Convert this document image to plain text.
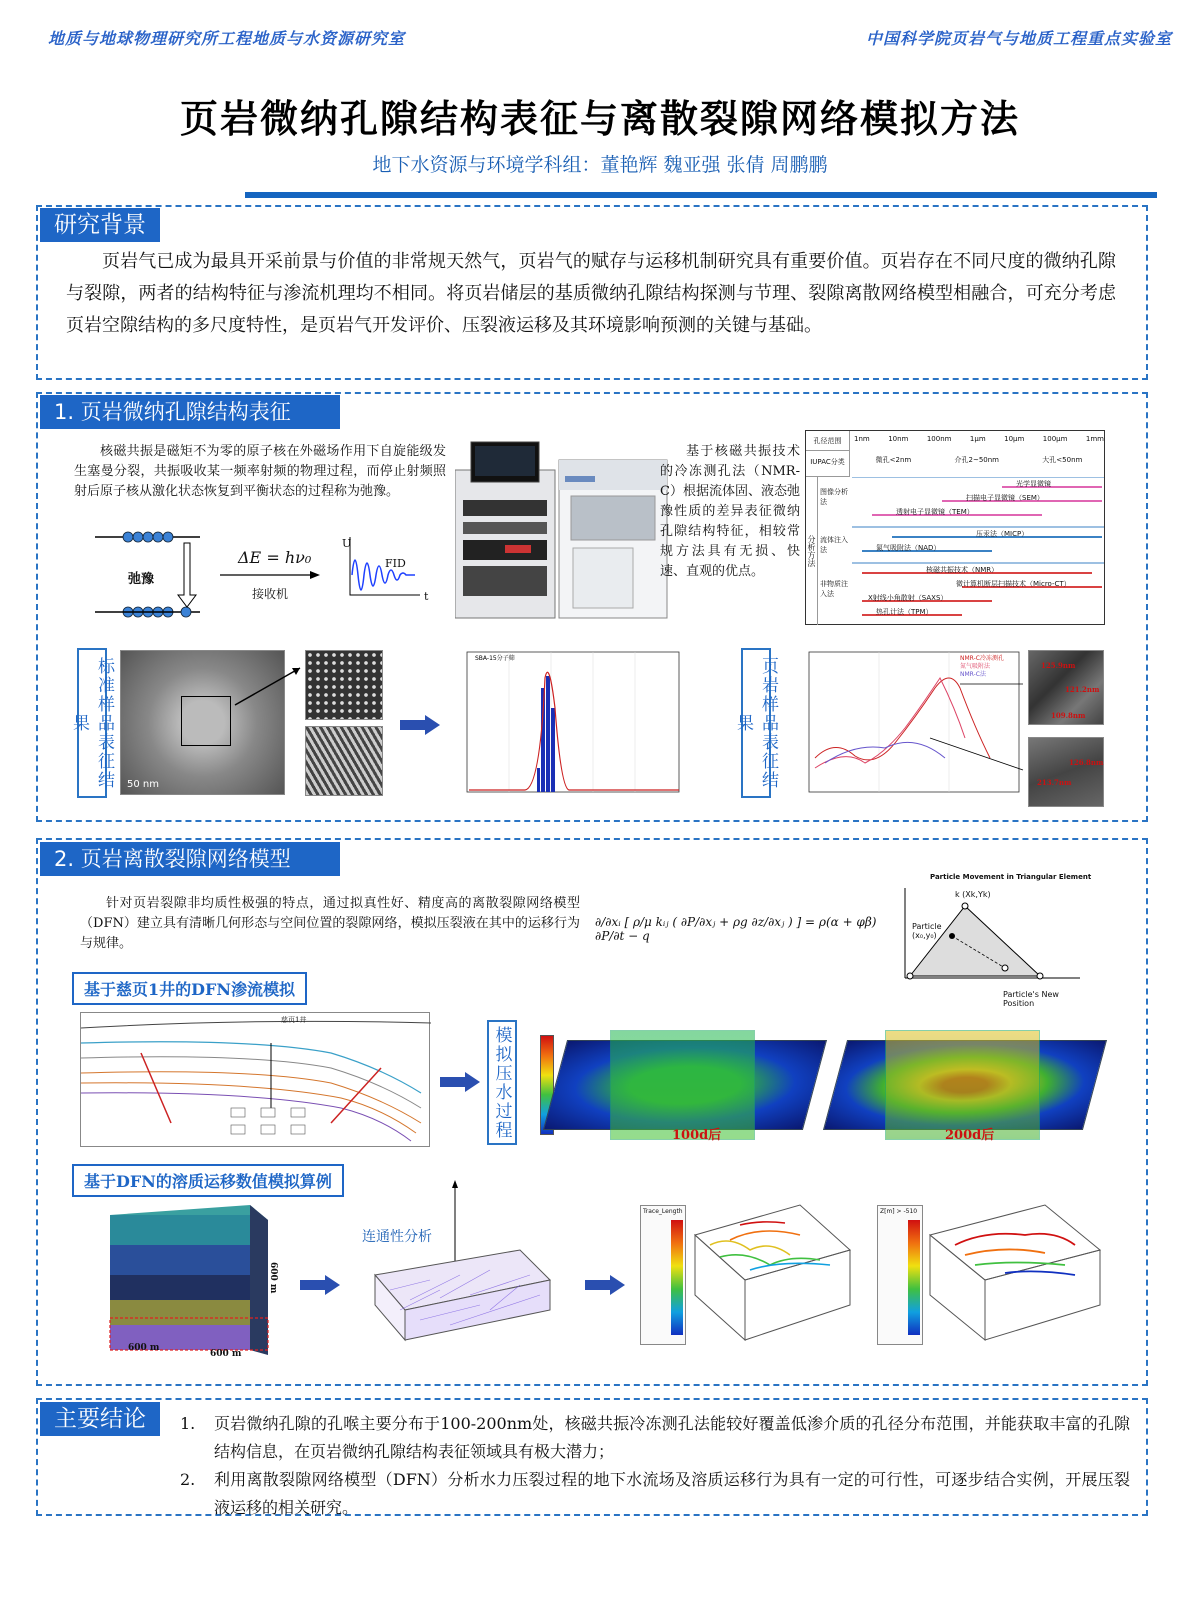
地质与地球物理研究所工程地质与水资源研究室	中国科学院页岩气与地质工程重点实验室
页岩微纳孔隙结构表征与离散裂隙网络模拟方法
地下水资源与环境学科组：董艳辉 魏亚强 张倩 周鹏鹏
研究背景
页岩气已成为最具开采前景与价值的非常规天然气，页岩气的赋存与运移机制研究具有重要价值。页岩存在不同尺度的微纳孔隙与裂隙，两者的结构特征与渗流机理均不相同。将页岩储层的基质微纳孔隙结构探测与节理、裂隙离散网络模型相融合，可充分考虑页岩空隙结构的多尺度特性，是页岩气开发评价、压裂液运移及其环境影响预测的关键与基础。
1. 页岩微纳孔隙结构表征
核磁共振是磁矩不为零的原子核在外磁场作用下自旋能级发生塞曼分裂，共振吸收某一频率射频的物理过程，而停止射频照射后原子核从激化状态恢复到平衡状态的过程称为弛豫。
弛豫
ΔE = hν₀
接收机
FID
U
t
基于核磁共振技术的冷冻测孔法（NMR-C）根据流体固、液态弛豫性质的差异表征微纳孔隙结构特征，相较常规方法具有无损、快速、直观的优点。
孔径范围	1nm	10nm	100nm	1μm	10μm	100μm	1mm
IUPAC分类	微孔<2nm	介孔2~50nm	大孔<50nm
分析方法
图像分析法
流体注入法
非物质注入法
光学显微镜
扫描电子显微镜（SEM）
透射电子显微镜（TEM）
压汞法（MICP）
氮气吸附法（NAD）
核磁共振技术（NMR）
微计算机断层扫描技术（Micro-CT）
X射线小角散射（SAXS）
热孔计法（TPM）
标准样品表征结果
50 nm
SBA-15分子筛	页岩样品表征结果
NMR-C冷冻测孔
氮气吸附法
NMR-C法
125.9nm
121.2nm
109.8nm
126.8nm
213.7nm
2. 页岩离散裂隙网络模型
针对页岩裂隙非均质性极强的特点，通过拟真性好、精度高的离散裂隙网络模型（DFN）建立具有清晰几何形态与空间位置的裂隙网络，模拟压裂液在其中的运移行为与规律。
∂/∂xᵢ [ ρ/μ kᵢⱼ ( ∂P/∂xⱼ + ρg ∂z/∂xⱼ ) ] = ρ(α + φβ) ∂P/∂t − q
Particle Movement in Triangular Element
k (Xk,Yk)
Particle (x₀,y₀)
Particle's New Position
基于慈页1井的DFN渗流模拟
慈页1井
模拟压水过程	100d后	200d后
基于DFN的溶质运移数值模拟算例
600 m
600 m
600 m
连通性分析
Trace_Length	Z[m] > -510
主要结论	1. 页岩微纳孔隙的孔喉主要分布于100-200nm处，核磁共振冷冻测孔法能较好覆盖低渗介质的孔径分布范围，并能获取丰富的孔隙结构信息，在页岩微纳孔隙结构表征领域具有极大潜力；
2. 利用离散裂隙网络模型（DFN）分析水力压裂过程的地下水流场及溶质运移行为具有一定的可行性，可逐步结合实例，开展压裂液运移的相关研究。
